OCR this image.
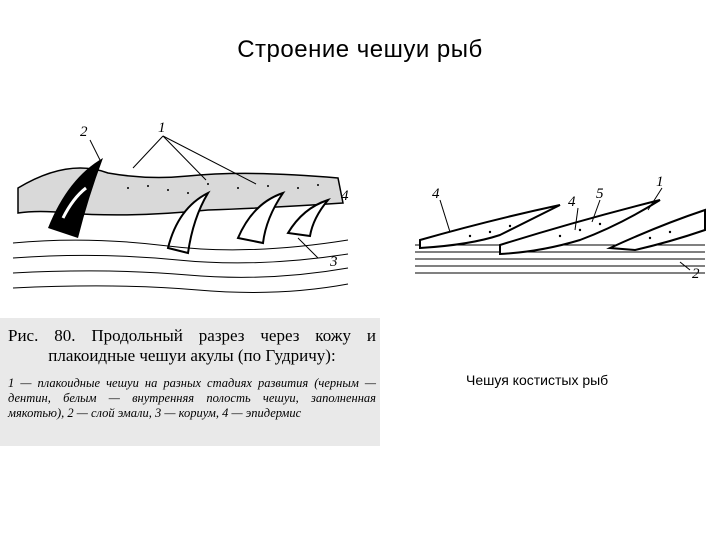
Строение чешуи рыб
2	1
4
3
Рис. 80. Продольный разрез через кожу и
плакоидные чешуи акулы (по Гудричу):
1 — плакоидные чешуи на разных стадиях развития (черным — дентин, белым — внутренняя полость чешуи, заполненная мякотью), 2 — слой эмали, 3 — кориум, 4 — эпидермис
4	5
4
1
2
Чешуя костистых рыб
